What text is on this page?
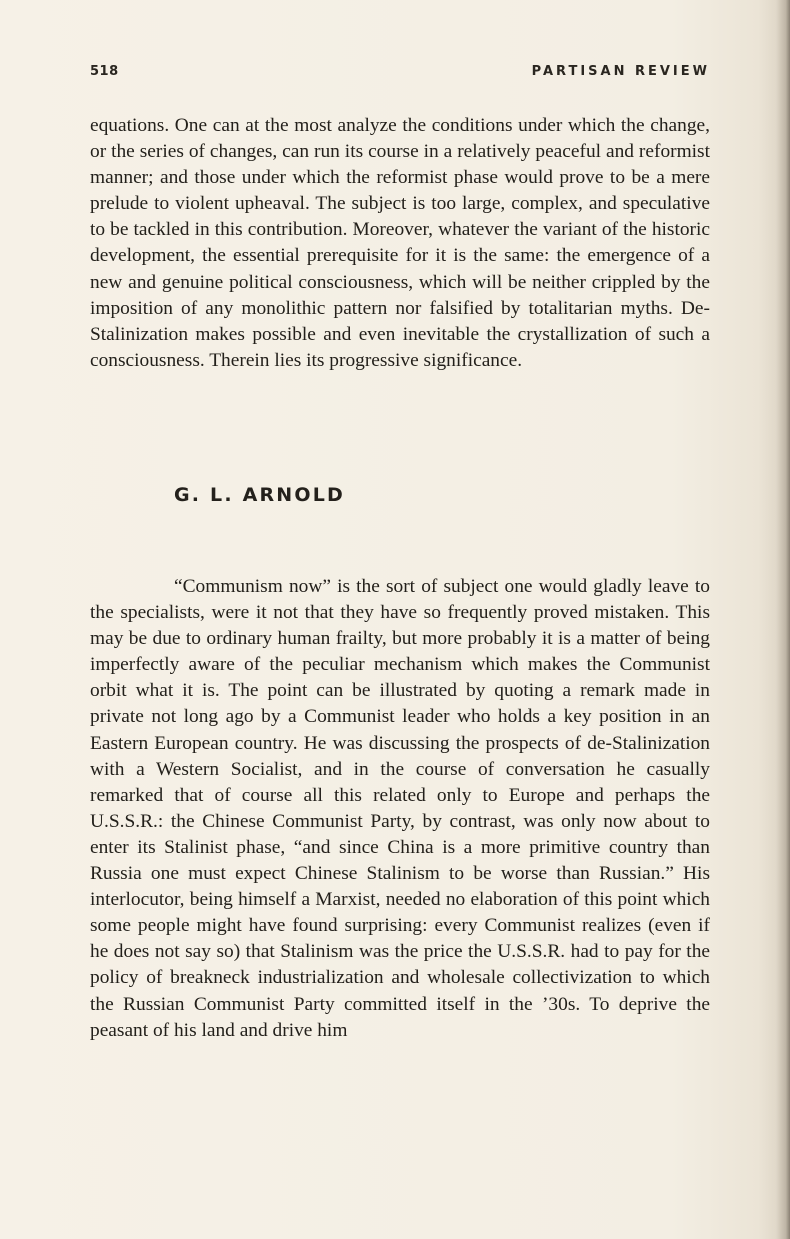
518	PARTISAN REVIEW

equations. One can at the most analyze the conditions under which the change, or the series of changes, can run its course in a relatively peaceful and reformist manner; and those under which the reformist phase would prove to be a mere prelude to violent upheaval. The subject is too large, complex, and speculative to be tackled in this contribution. Moreover, whatever the variant of the historic development, the essential prerequisite for it is the same: the emergence of a new and genuine political consciousness, which will be neither crippled by the imposition of any monolithic pattern nor falsified by totalitarian myths. De-Stalinization makes possible and even inevitable the crystallization of such a consciousness. Therein lies its progressive significance.

G. L. ARNOLD

“Communism now” is the sort of subject one would gladly leave to the specialists, were it not that they have so frequently proved mistaken. This may be due to ordinary human frailty, but more probably it is a matter of being imperfectly aware of the peculiar mechanism which makes the Communist orbit what it is. The point can be illustrated by quoting a remark made in private not long ago by a Communist leader who holds a key position in an Eastern European country. He was discussing the prospects of de-Stalinization with a Western Socialist, and in the course of conversation he casually remarked that of course all this related only to Europe and perhaps the U.S.S.R.: the Chinese Communist Party, by contrast, was only now about to enter its Stalinist phase, “and since China is a more primitive country than Russia one must expect Chinese Stalinism to be worse than Russian.” His interlocutor, being himself a Marxist, needed no elaboration of this point which some people might have found surprising: every Communist realizes (even if he does not say so) that Stalinism was the price the U.S.S.R. had to pay for the policy of breakneck industrialization and wholesale collectivization to which the Russian Communist Party committed itself in the ’30s. To deprive the peasant of his land and drive him
